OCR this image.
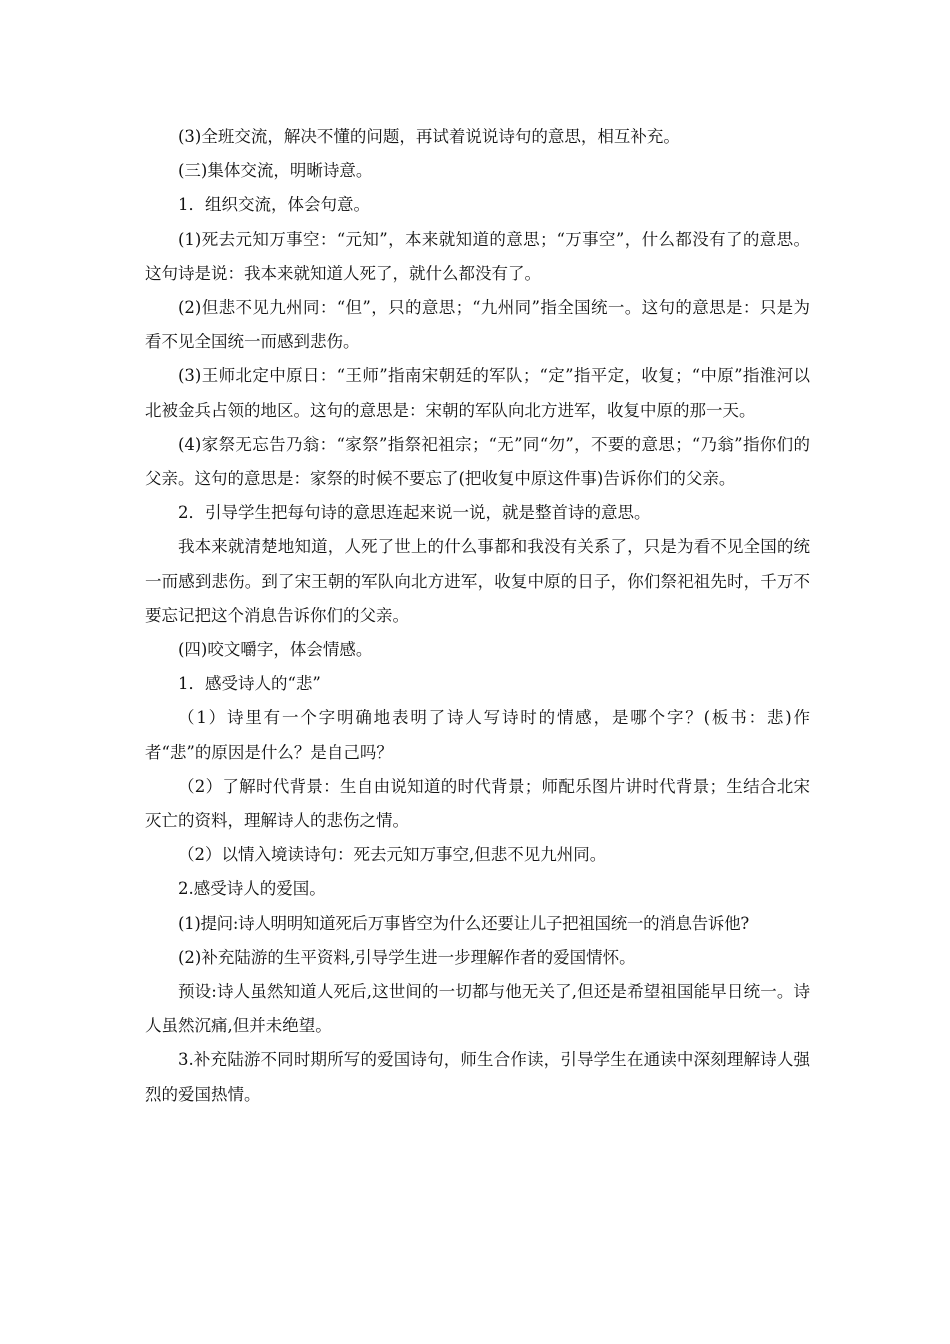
(3)全班交流，解决不懂的问题，再试着说说诗句的意思，相互补充。

(三)集体交流，明晰诗意。

1．组织交流，体会句意。

(1)死去元知万事空：“元知”，本来就知道的意思；“万事空”，什么都没有了的意思。这句诗是说：我本来就知道人死了，就什么都没有了。

(2)但悲不见九州同：“但”，只的意思；“九州同”指全国统一。这句的意思是：只是为看不见全国统一而感到悲伤。

(3)王师北定中原日：“王师”指南宋朝廷的军队；“定”指平定，收复；“中原”指淮河以北被金兵占领的地区。这句的意思是：宋朝的军队向北方进军，收复中原的那一天。

(4)家祭无忘告乃翁：“家祭”指祭祀祖宗；“无”同“勿”，不要的意思；“乃翁”指你们的父亲。这句的意思是：家祭的时候不要忘了(把收复中原这件事)告诉你们的父亲。

2．引导学生把每句诗的意思连起来说一说，就是整首诗的意思。

我本来就清楚地知道，人死了世上的什么事都和我没有关系了，只是为看不见全国的统一而感到悲伤。到了宋王朝的军队向北方进军，收复中原的日子，你们祭祀祖先时，千万不要忘记把这个消息告诉你们的父亲。

(四)咬文嚼字，体会情感。

1．感受诗人的“悲”

（1）诗里有一个字明确地表明了诗人写诗时的情感，是哪个字？(板书：悲)作者“悲”的原因是什么？是自己吗？

（2）了解时代背景：生自由说知道的时代背景；师配乐图片讲时代背景；生结合北宋灭亡的资料，理解诗人的悲伤之情。

（2）以情入境读诗句：死去元知万事空,但悲不见九州同。

2.感受诗人的爱国。

(1)提问:诗人明明知道死后万事皆空为什么还要让儿子把祖国统一的消息告诉他?

(2)补充陆游的生平资料,引导学生进一步理解作者的爱国情怀。

预设:诗人虽然知道人死后,这世间的一切都与他无关了,但还是希望祖国能早日统一。诗人虽然沉痛,但并未绝望。

3.补充陆游不同时期所写的爱国诗句，师生合作读，引导学生在通读中深刻理解诗人强烈的爱国热情。
